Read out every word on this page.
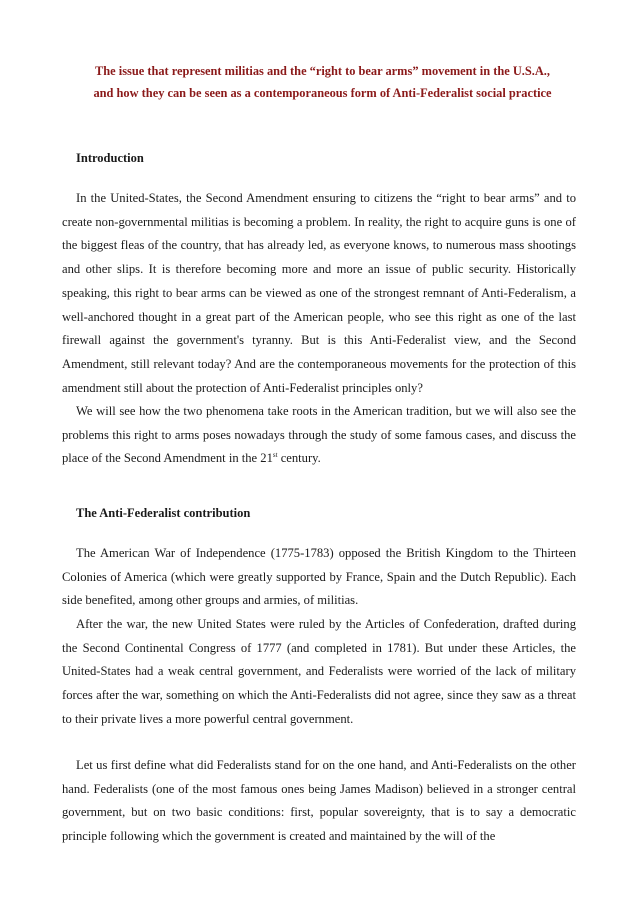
The issue that represent militias and the “right to bear arms” movement in the U.S.A.,
and how they can be seen as a contemporaneous form of Anti-Federalist social practice
Introduction

In the United-States, the Second Amendment ensuring to citizens the “right to bear arms” and to create non-governmental militias is becoming a problem. In reality, the right to acquire guns is one of the biggest fleas of the country, that has already led, as everyone knows, to numerous mass shootings and other slips. It is therefore becoming more and more an issue of public security. Historically speaking, this right to bear arms can be viewed as one of the strongest remnant of Anti-Federalism, a well-anchored thought in a great part of the American people, who see this right as one of the last firewall against the government's tyranny. But is this Anti-Federalist view, and the Second Amendment, still relevant today? And are the contemporaneous movements for the protection of this amendment still about the protection of Anti-Federalist principles only?

We will see how the two phenomena take roots in the American tradition, but we will also see the problems this right to arms poses nowadays through the study of some famous cases, and discuss the place of the Second Amendment in the 21st century.

The Anti-Federalist contribution

The American War of Independence (1775-1783) opposed the British Kingdom to the Thirteen Colonies of America (which were greatly supported by France, Spain and the Dutch Republic). Each side benefited, among other groups and armies, of militias.

After the war, the new United States were ruled by the Articles of Confederation, drafted during the Second Continental Congress of 1777 (and completed in 1781). But under these Articles, the United-States had a weak central government, and Federalists were worried of the lack of military forces after the war, something on which the Anti-Federalists did not agree, since they saw as a threat to their private lives a more powerful central government.

Let us first define what did Federalists stand for on the one hand, and Anti-Federalists on the other hand. Federalists (one of the most famous ones being James Madison) believed in a stronger central government, but on two basic conditions: first, popular sovereignty, that is to say a democratic principle following which the government is created and maintained by the will of the
